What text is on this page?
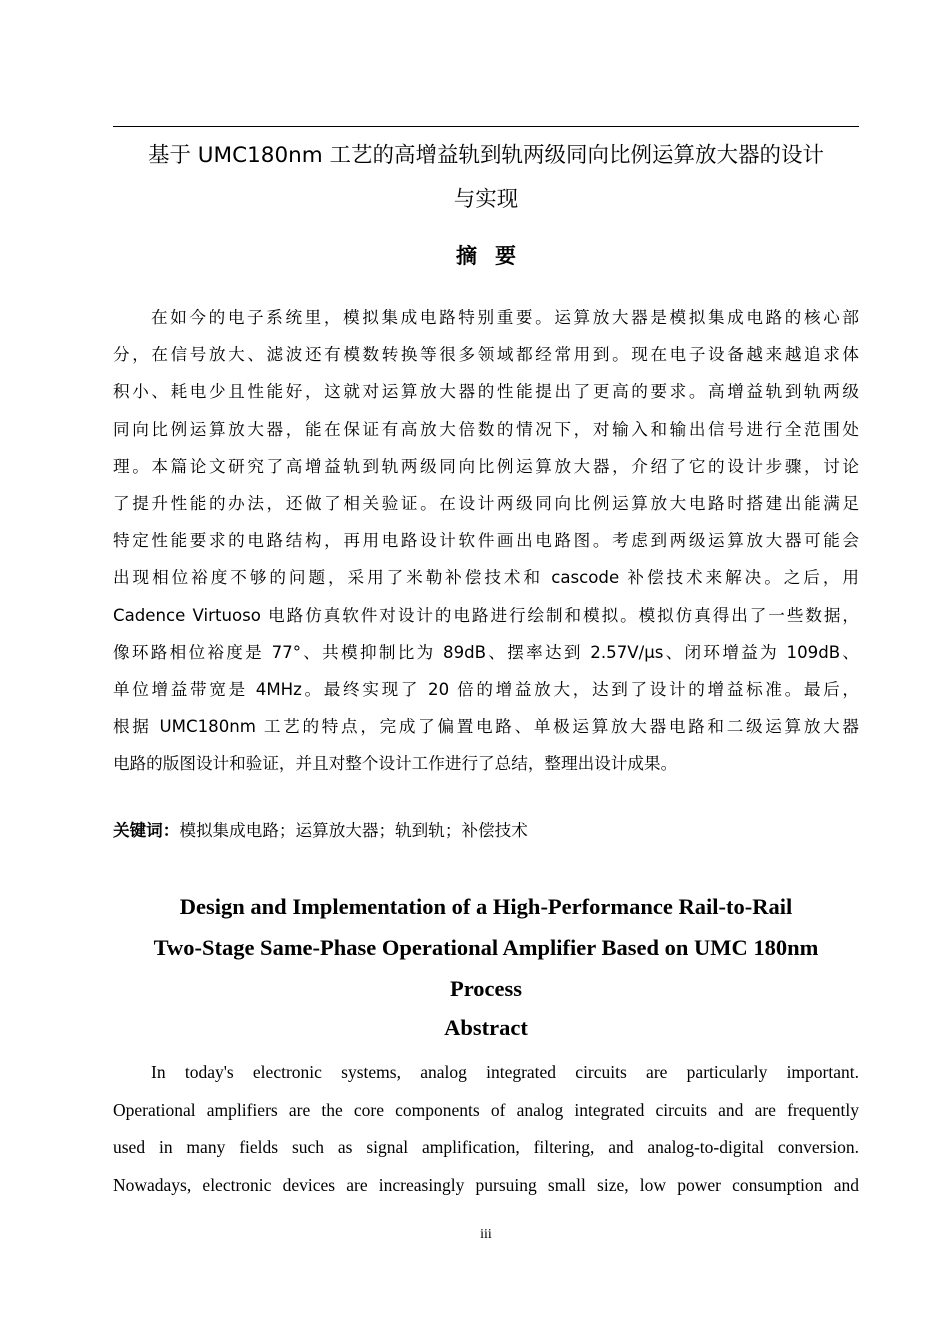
基于 UMC180nm 工艺的高增益轨到轨两级同向比例运算放大器的设计
与实现
摘要
在如今的电子系统里，模拟集成电路特别重要。运算放大器是模拟集成电路的核心部
分，在信号放大、滤波还有模数转换等很多领域都经常用到。现在电子设备越来越追求体
积小、耗电少且性能好，这就对运算放大器的性能提出了更高的要求。高增益轨到轨两级
同向比例运算放大器，能在保证有高放大倍数的情况下，对输入和输出信号进行全范围处
理。本篇论文研究了高增益轨到轨两级同向比例运算放大器，介绍了它的设计步骤，讨论
了提升性能的办法，还做了相关验证。在设计两级同向比例运算放大电路时搭建出能满足
特定性能要求的电路结构，再用电路设计软件画出电路图。考虑到两级运算放大器可能会
出现相位裕度不够的问题，采用了米勒补偿技术和 cascode 补偿技术来解决。之后，用
Cadence Virtuoso 电路仿真软件对设计的电路进行绘制和模拟。模拟仿真得出了一些数据，
像环路相位裕度是 77°、共模抑制比为 89dB、摆率达到 2.57V/μs、闭环增益为 109dB、
单位增益带宽是 4MHz。最终实现了 20 倍的增益放大，达到了设计的增益标准。最后，
根据 UMC180nm 工艺的特点，完成了偏置电路、单极运算放大器电路和二级运算放大器
电路的版图设计和验证，并且对整个设计工作进行了总结，整理出设计成果。
关键词：模拟集成电路；运算放大器；轨到轨；补偿技术
Design and Implementation of a High-Performance Rail-to-Rail
Two-Stage Same-Phase Operational Amplifier Based on UMC 180nm
Process
Abstract
In today's electronic systems, analog integrated circuits are particularly important.
Operational amplifiers are the core components of analog integrated circuits and are frequently
used in many fields such as signal amplification, filtering, and analog-to-digital conversion.
Nowadays, electronic devices are increasingly pursuing small size, low power consumption and
iii
